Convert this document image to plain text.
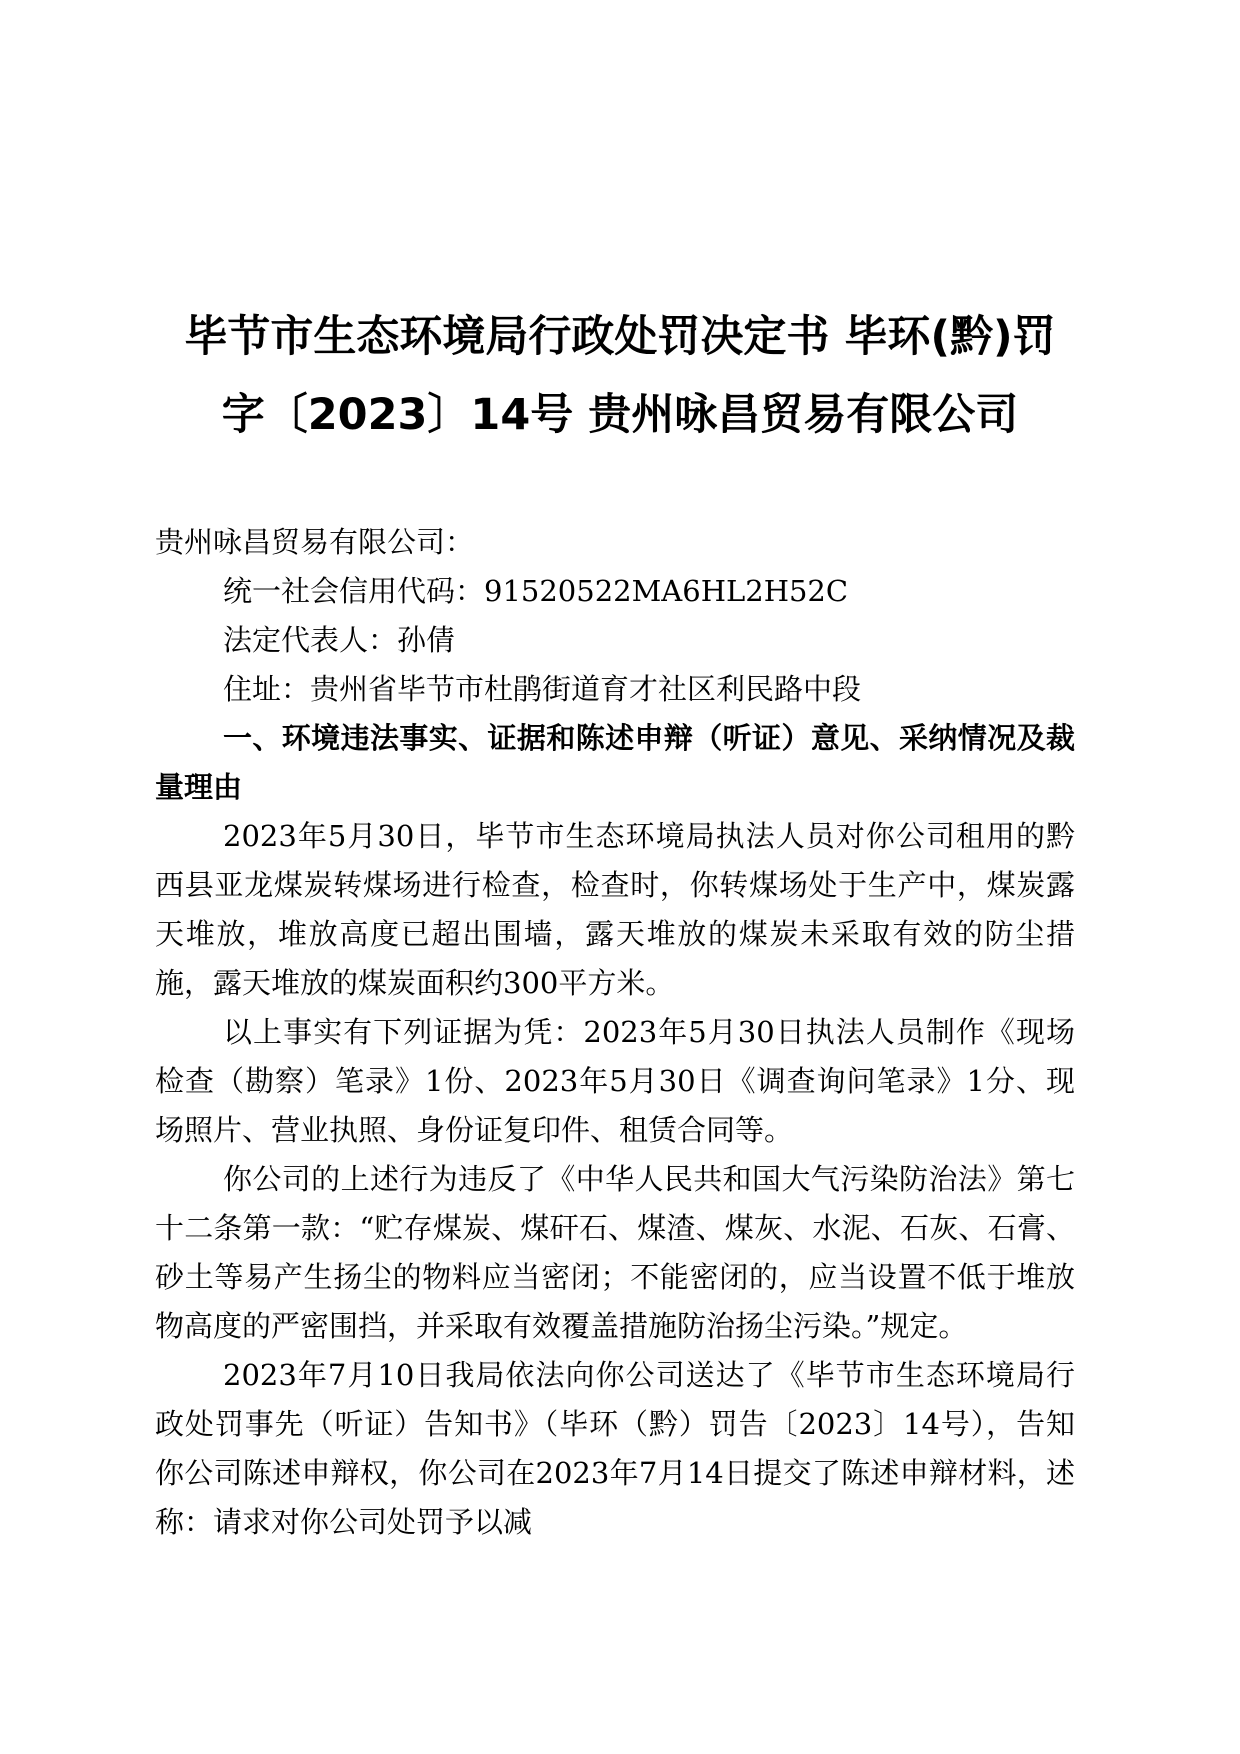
毕节市生态环境局行政处罚决定书 毕环(黔)罚
字〔2023〕14号 贵州咏昌贸易有限公司

贵州咏昌贸易有限公司：

统一社会信用代码：91520522MA6HL2H52C

法定代表人：孙倩

住址：贵州省毕节市杜鹃街道育才社区利民路中段

一、环境违法事实、证据和陈述申辩（听证）意见、采纳情况及裁量理由

2023年5月30日，毕节市生态环境局执法人员对你公司租用的黔西县亚龙煤炭转煤场进行检查，检查时，你转煤场处于生产中，煤炭露天堆放，堆放高度已超出围墙，露天堆放的煤炭未采取有效的防尘措施，露天堆放的煤炭面积约300平方米。

以上事实有下列证据为凭：2023年5月30日执法人员制作《现场检查（勘察）笔录》1份、2023年5月30日《调查询问笔录》1分、现场照片、营业执照、身份证复印件、租赁合同等。

你公司的上述行为违反了《中华人民共和国大气污染防治法》第七十二条第一款：“贮存煤炭、煤矸石、煤渣、煤灰、水泥、石灰、石膏、砂土等易产生扬尘的物料应当密闭；不能密闭的，应当设置不低于堆放物高度的严密围挡，并采取有效覆盖措施防治扬尘污染。”规定。

2023年7月10日我局依法向你公司送达了《毕节市生态环境局行政处罚事先（听证）告知书》（毕环（黔）罚告〔2023〕14号），告知你公司陈述申辩权，你公司在2023年7月14日提交了陈述申辩材料，述称：请求对你公司处罚予以减
